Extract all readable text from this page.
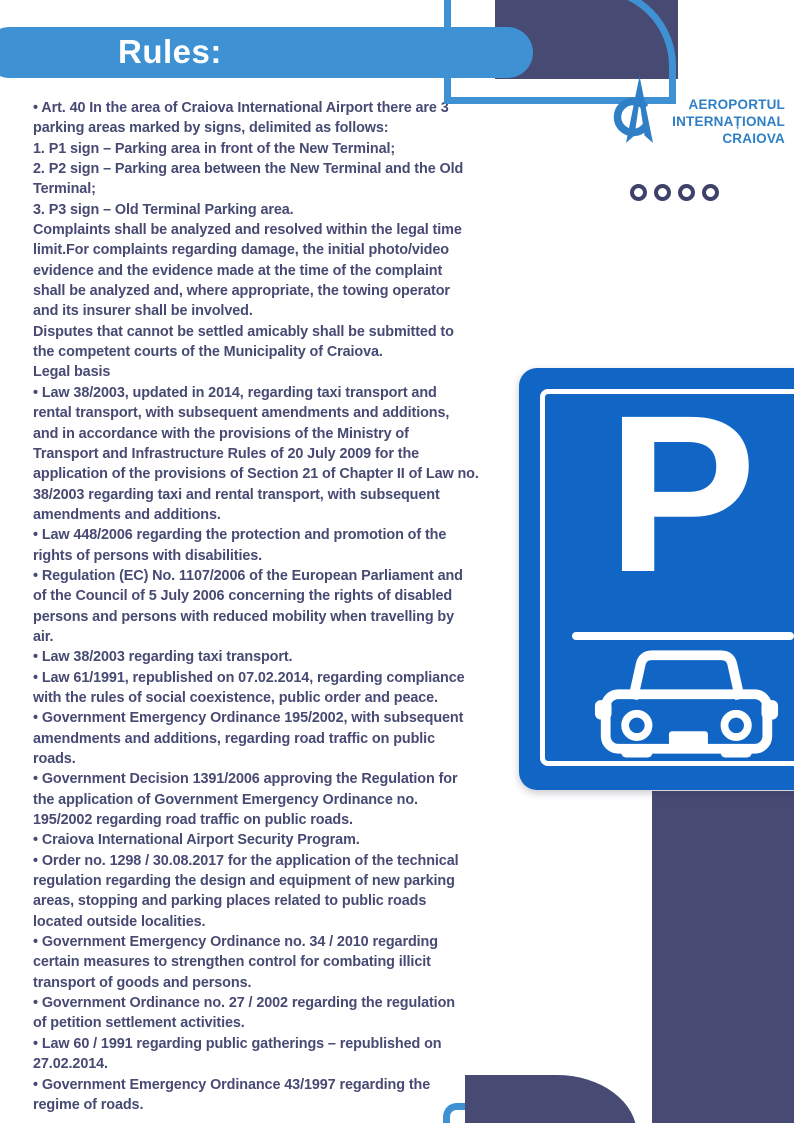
Rules:
AEROPORTUL
INTERNAȚIONAL
CRAIOVA
• Art. 40 In the area of Craiova International Airport there are 3
parking areas marked by signs, delimited as follows:
1. P1 sign – Parking area in front of the New Terminal;
2. P2 sign – Parking area between the New Terminal and the Old
Terminal;
3. P3 sign – Old Terminal Parking area.
Complaints shall be analyzed and resolved within the legal time
limit.For complaints regarding damage, the initial photo/video
evidence and the evidence made at the time of the complaint
shall be analyzed and, where appropriate, the towing operator
and its insurer shall be involved.
Disputes that cannot be settled amicably shall be submitted to
the competent courts of the Municipality of Craiova.
Legal basis
• Law 38/2003, updated in 2014, regarding taxi transport and
rental transport, with subsequent amendments and additions,
and in accordance with the provisions of the Ministry of
Transport and Infrastructure Rules of 20 July 2009 for the
application of the provisions of Section 21 of Chapter II of Law no.
38/2003 regarding taxi and rental transport, with subsequent
amendments and additions.
• Law 448/2006 regarding the protection and promotion of the
rights of persons with disabilities.
• Regulation (EC) No. 1107/2006 of the European Parliament and
of the Council of 5 July 2006 concerning the rights of disabled
persons and persons with reduced mobility when travelling by
air.
• Law 38/2003 regarding taxi transport.
• Law 61/1991, republished on 07.02.2014, regarding compliance
with the rules of social coexistence, public order and peace.
• Government Emergency Ordinance 195/2002, with subsequent
amendments and additions, regarding road traffic on public
roads.
• Government Decision 1391/2006 approving the Regulation for
the application of Government Emergency Ordinance no.
195/2002 regarding road traffic on public roads.
• Craiova International Airport Security Program.
• Order no. 1298 / 30.08.2017 for the application of the technical
regulation regarding the design and equipment of new parking
areas, stopping and parking places related to public roads
located outside localities.
• Government Emergency Ordinance no. 34 / 2010 regarding
certain measures to strengthen control for combating illicit
transport of goods and persons.
• Government Ordinance no. 27 / 2002 regarding the regulation
of petition settlement activities.
• Law 60 / 1991 regarding public gatherings – republished on
27.02.2014.
• Government Emergency Ordinance 43/1997 regarding the
regime of roads.
P
